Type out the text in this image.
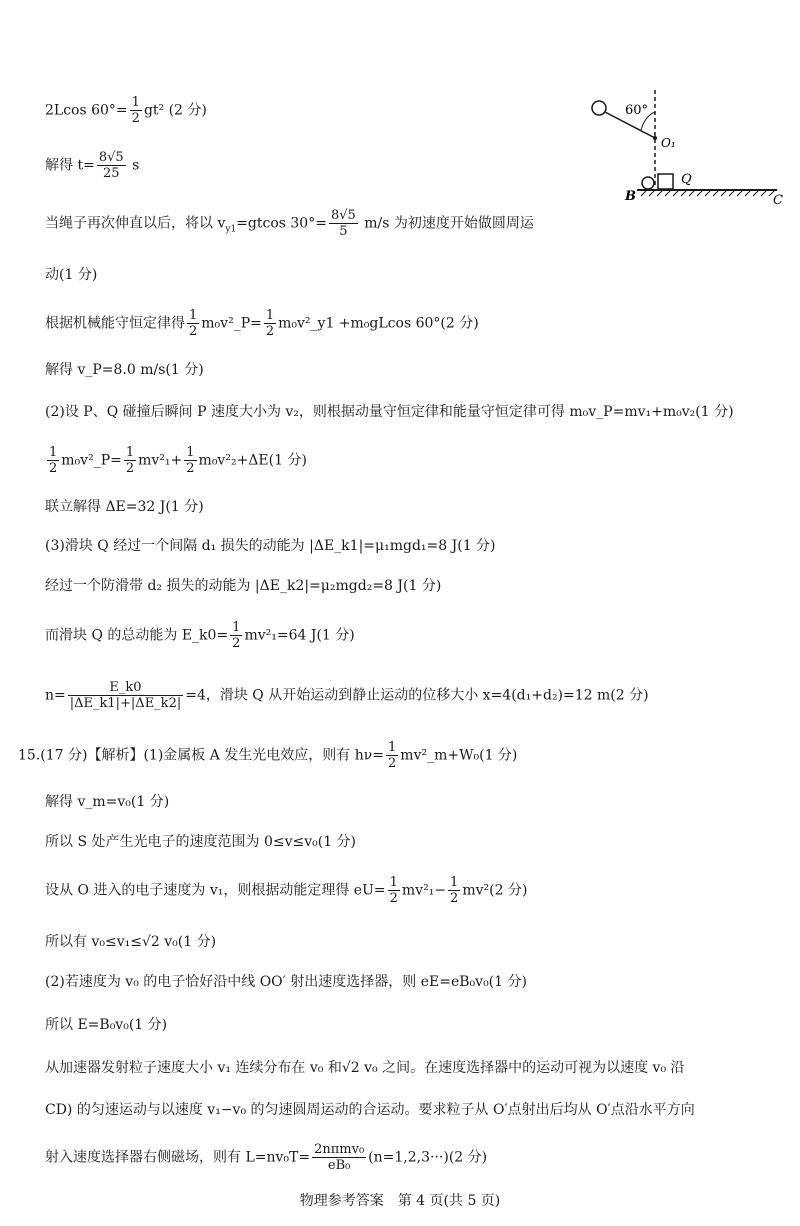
2Lcos $60^\circ= \frac{1}{2} gt^2$ (2 分)
解得 $t= \frac{8√5}{25}$ s
当绳子再次伸直以后，将以 $v_{y1}=gtcos$ $30^\circ= \frac{8√5}{5} m/s$ 为初速度开始做圆周运
动(1 分)
根据机械能守恒定律得 $\frac{1}{2}$ m₀v²_P= $\frac{1}{2}$ m₀v²_y1 +m₀gLcos 60°(2 分)
解得 v_P=8.0 m/s(1 分)
(2)设 P、Q 碰撞后瞬间 P 速度大小为 v₂，则根据动量守恒定律和能量守恒定律可得 m₀v_P=mv₁+m₀v₂(1 分)
$\frac{1}{2}$ m₀v²_P= $\frac{1}{2} mv^2_1+ \frac{1}{2} m_0v^2_2+\Delta E(1$ 分)
联立解得 ΔE=32 J(1 分)
(3)滑块 Q 经过一个间隔 d₁ 损失的动能为 |ΔE_k1|=μ₁mgd₁=8 J(1 分)
经过一个防滑带 d₂ 损失的动能为 |ΔE_k2|=μ₂mgd₂=8 J(1 分)
而滑块 Q 的总动能为 E_k0= $\frac{1}{2} mv^2_1=64$ J(1 分)
$n= \frac{E\_k0}{|\Delta E\_k1|+|\Delta E\_k2|} =4$，滑块 Q 从开始运动到静止运动的位移大小 x=4(d₁+d₂)=12 m(2 分)
15.(17 分)【解析】(1)金属板 A 发生光电效应，则有 $h\nu= \frac{1}{2}$ mv²_m+W₀(1 分)
解得 v_m=v₀(1 分)
所以 S 处产生光电子的速度范围为 0≤v≤v₀(1 分)
设从 O 进入的电子速度为 v₁，则根据动能定理得 $eU= \frac{1}{2} mv^2_1- \frac{1}{2} mv^2(2$ 分)
所以有 v₀≤v₁≤√2 v₀(1 分)
(2)若速度为 v₀ 的电子恰好沿中线 OO′ 射出速度选择器，则 eE=eB₀v₀(1 分)
所以 E=B₀v₀(1 分)
从加速器发射粒子速度大小 v₁ 连续分布在 v₀ 和√2 v₀ 之间。在速度选择器中的运动可视为以速度 v₀ 沿
CD) 的匀速运动与以速度 v₁−v₀ 的匀速圆周运动的合运动。要求粒子从 O′点射出后均从 O′点沿水平方向
射入速度选择器右侧磁场，则有 $L=nv_0T= \frac{\text{2nπmv₀}}{\text{eB₀}} (n=1,2,3\cdot\cdot\cdot)(2$ 分)
60°
O₁
Q
B	C
物理参考答案　第 4 页(共 5 页)
